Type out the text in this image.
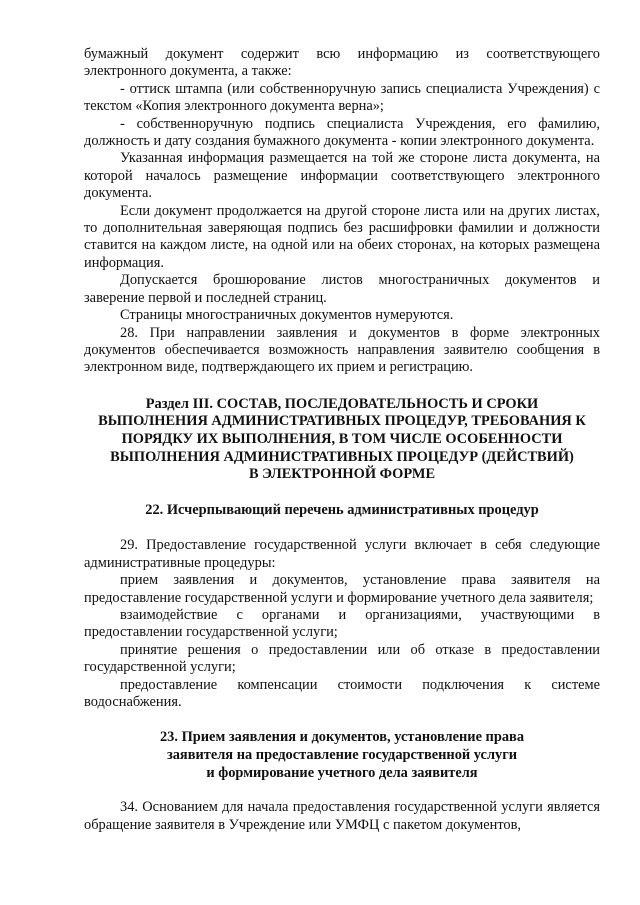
бумажный документ содержит всю информацию из соответствующего электронного документа, а также:

- оттиск штампа (или собственноручную запись специалиста Учреждения) с текстом «Копия электронного документа верна»;

- собственноручную подпись специалиста Учреждения, его фамилию, должность и дату создания бумажного документа - копии электронного документа.

Указанная информация размещается на той же стороне листа документа, на которой началось размещение информации соответствующего электронного документа.

Если документ продолжается на другой стороне листа или на других листах, то дополнительная заверяющая подпись без расшифровки фамилии и должности ставится на каждом листе, на одной или на обеих сторонах, на которых размещена информация.

Допускается брошюрование листов многостраничных документов и заверение первой и последней страниц.

Страницы многостраничных документов нумеруются.

28. При направлении заявления и документов в форме электронных документов обеспечивается возможность направления заявителю сообщения в электронном виде, подтверждающего их прием и регистрацию.

Раздел III. СОСТАВ, ПОСЛЕДОВАТЕЛЬНОСТЬ И СРОКИ
ВЫПОЛНЕНИЯ АДМИНИСТРАТИВНЫХ ПРОЦЕДУР, ТРЕБОВАНИЯ К
ПОРЯДКУ ИХ ВЫПОЛНЕНИЯ, В ТОМ ЧИСЛЕ ОСОБЕННОСТИ
ВЫПОЛНЕНИЯ АДМИНИСТРАТИВНЫХ ПРОЦЕДУР (ДЕЙСТВИЙ)
В ЭЛЕКТРОННОЙ ФОРМЕ
22. Исчерпывающий перечень административных процедур

29. Предоставление государственной услуги включает в себя следующие административные процедуры:

прием заявления и документов, установление права заявителя на предоставление государственной услуги и формирование учетного дела заявителя;

взаимодействие с органами и организациями, участвующими в предоставлении государственной услуги;

принятие решения о предоставлении или об отказе в предоставлении государственной услуги;

предоставление компенсации стоимости подключения к системе водоснабжения.

23. Прием заявления и документов, установление права
заявителя на предоставление государственной услуги
и формирование учетного дела заявителя

34. Основанием для начала предоставления государственной услуги является обращение заявителя в Учреждение или УМФЦ с пакетом документов,
